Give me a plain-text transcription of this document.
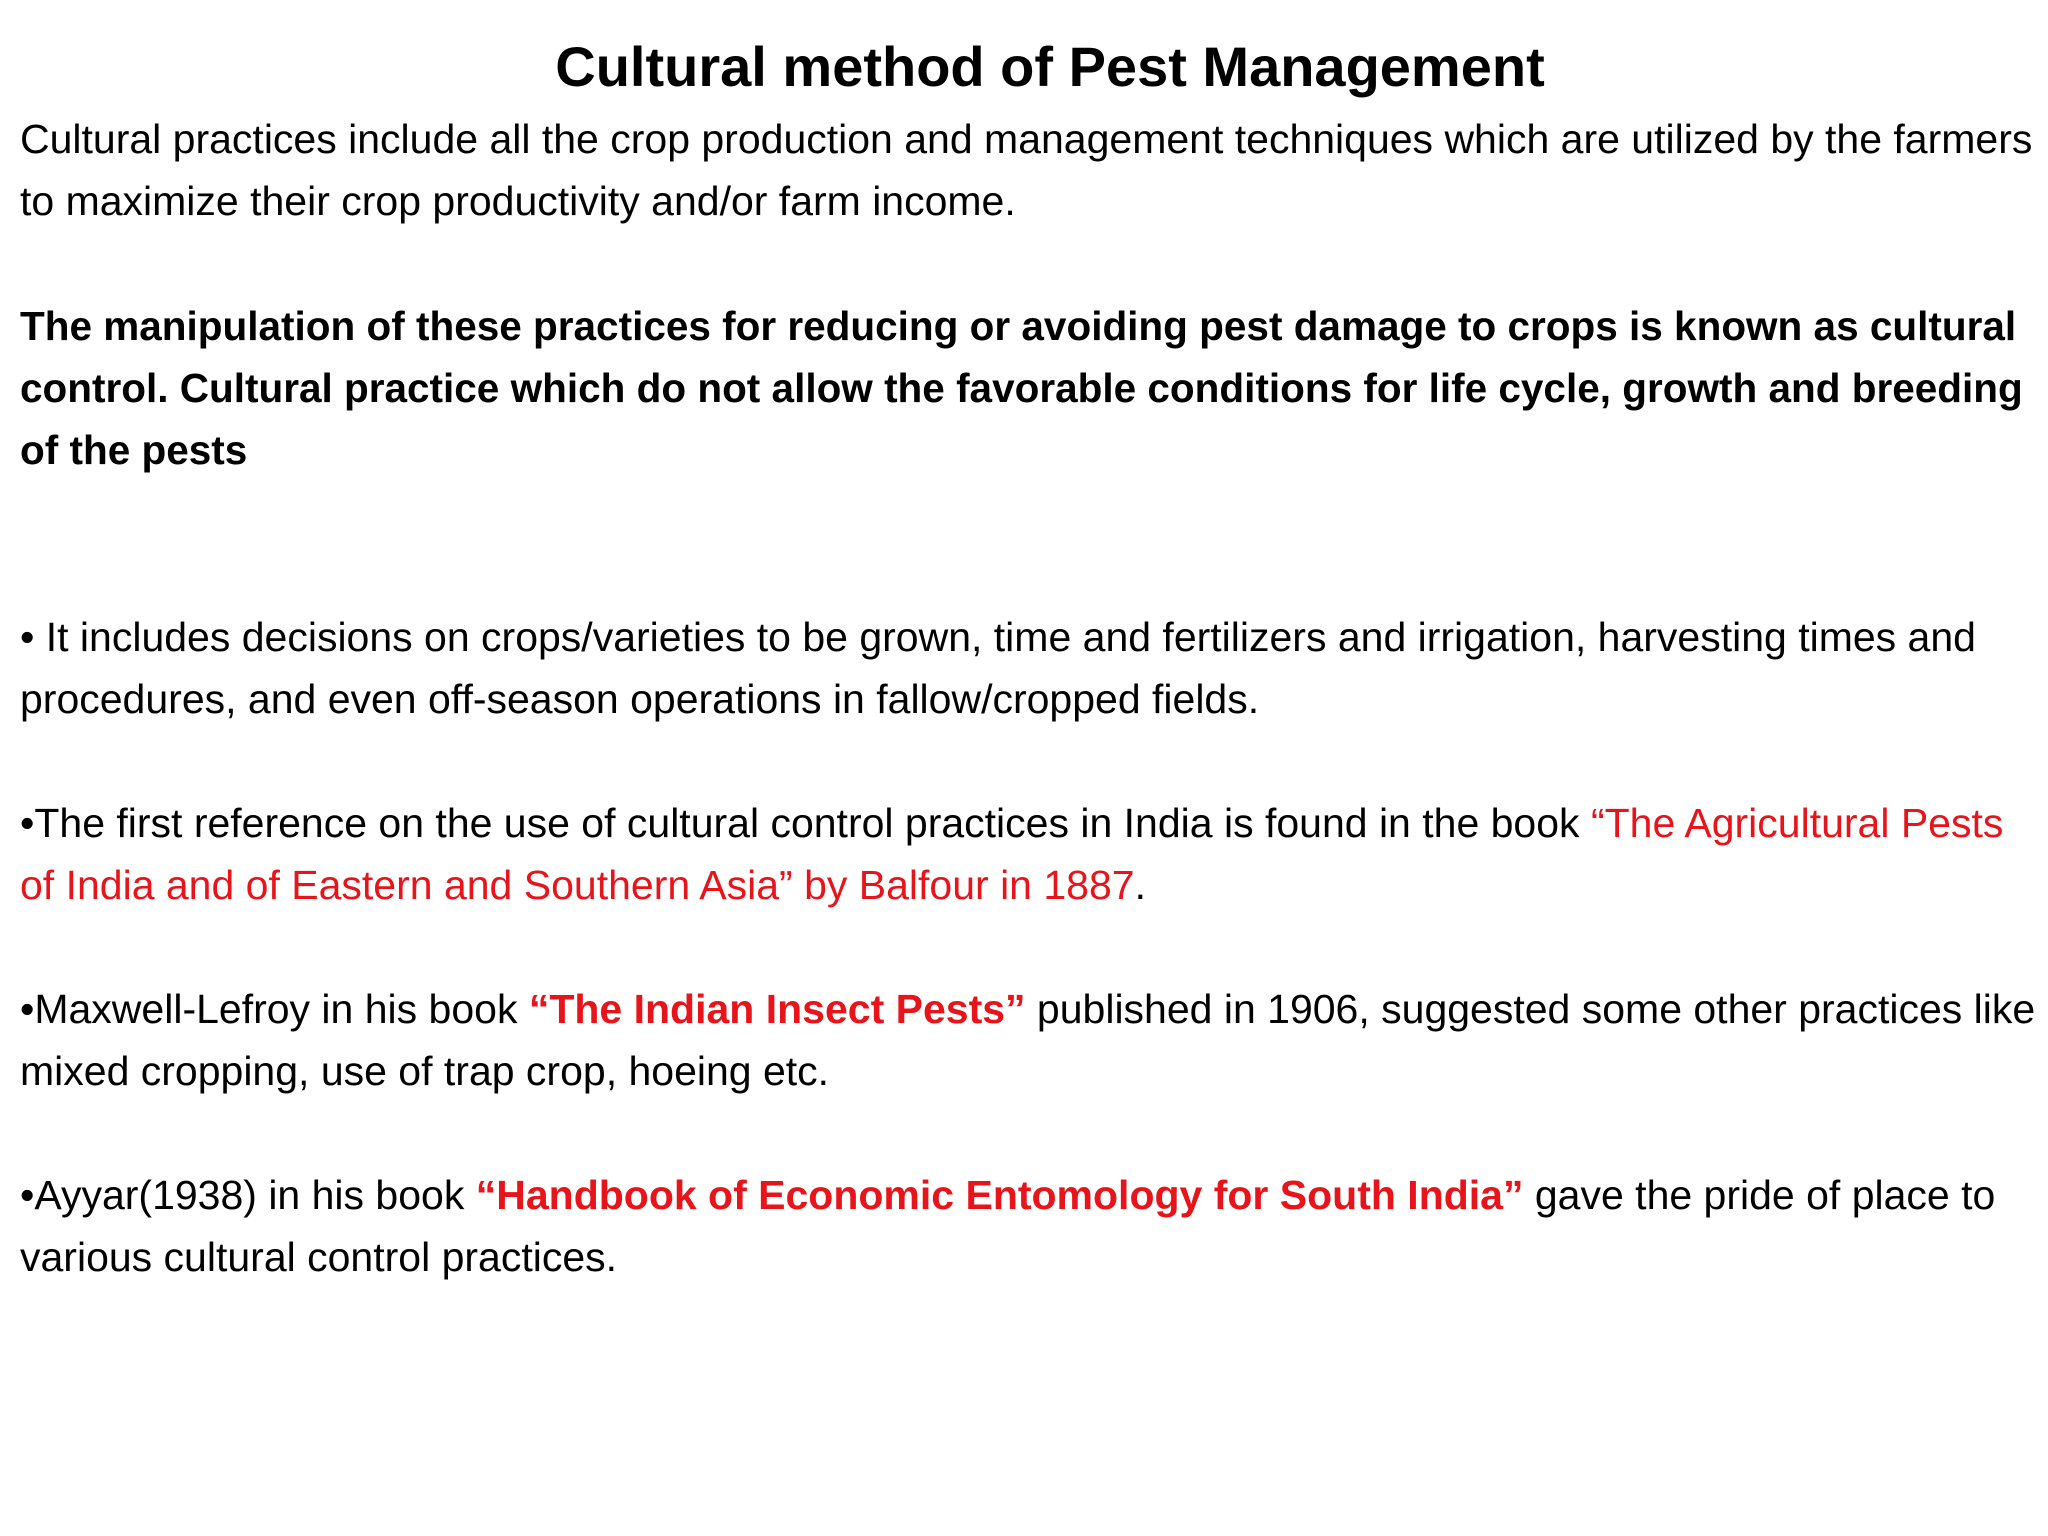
Cultural method of Pest Management

Cultural practices include all the crop production and management techniques which are utilized by the farmers to maximize their crop productivity and/or farm income.

The manipulation of these practices for reducing or avoiding pest damage to crops is known as cultural control. Cultural practice which do not allow the favorable conditions for life cycle, growth and breeding of the pests

• It includes decisions on crops/varieties to be grown, time and fertilizers and irrigation, harvesting times and procedures, and even off-season operations in fallow/cropped fields.

•The first reference on the use of cultural control practices in India is found in the book “The Agricultural Pests of India and of Eastern and Southern Asia” by Balfour in 1887.

•Maxwell-Lefroy in his book “The Indian Insect Pests” published in 1906, suggested some other practices like mixed cropping, use of trap crop, hoeing etc.

•Ayyar(1938) in his book “Handbook of Economic Entomology for South India” gave the pride of place to various cultural control practices.
